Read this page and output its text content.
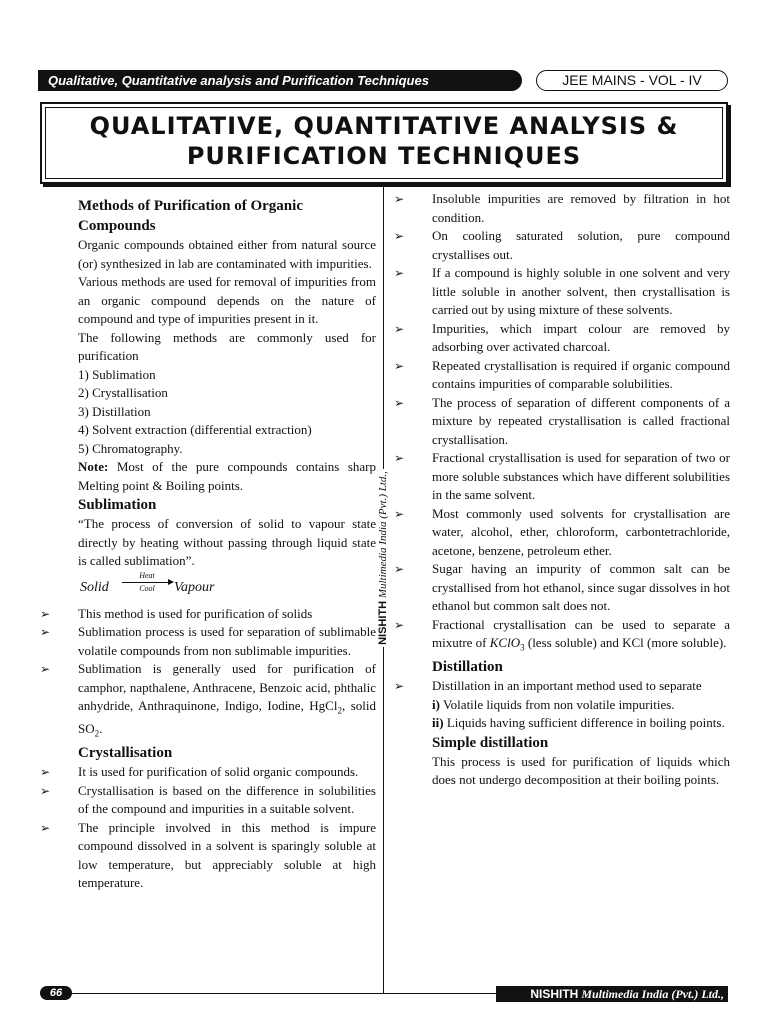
Qualitative, Quantitative analysis and Purification Techniques	JEE MAINS - VOL - IV
QUALITATIVE, QUANTITATIVE ANALYSIS &
PURIFICATION TECHNIQUES
Methods of Purification of Organic Compounds
Organic compounds obtained either from natural source (or) synthesized in lab are contaminated with impurities.
Various methods are used for removal of impurities from an organic compound depends on the nature of compound and type of impurities present in it.
The following methods are commonly used for purification
1) Sublimation
2) Crystallisation
3) Distillation
4) Solvent extraction (differential extraction)
5) Chromatography.
Note: Most of the pure compounds contains sharp Melting point & Boiling points.
Sublimation
“The process of conversion of solid to vapour state directly by heating without passing through liquid state is called sublimation”.
Solid
Heat
Cool	Vapour
➢ This method is used for purification of solids
➢ Sublimation process is used for separation of sublimable volatile compounds from non sublimable impurities.
➢ Sublimation is generally used for purification of camphor, napthalene, Anthracene, Benzoic acid, phthalic anhydride, Anthraquinone, Indigo, Iodine, HgCl$_2$, solid $SO_2$.
Crystallisation
➢ It is used for purification of solid organic compounds.
➢ Crystallisation is based on the difference in solubilities of the compound and impurities in a suitable solvent.
➢ The principle involved in this method is impure compound dissolved in a solvent is sparingly soluble at low temperature, but appreciably soluble at high temperature.
NISHITH Multimedia India (Pvt.) Ltd.,
➢ Insoluble impurities are removed by filtration in hot condition.
➢ On cooling saturated solution, pure compound crystallises out.
➢ If a compound is highly soluble in one solvent and very little soluble in another solvent, then crystallisation is carried out by using mixture of these solvents.
➢ Impurities, which impart colour are removed by adsorbing over activated charcoal.
➢ Repeated crystallisation is required if organic compound contains impurities of comparable solubilities.
➢ The process of separation of different components of a mixture by repeated crystallisation is called fractional crystallisation.
➢ Fractional crystallisation is used for separation of two or more soluble substances which have different solubilities in the same solvent.
➢ Most commonly used solvents for crystallisation are water, alcohol, ether, chloroform, carbontetrachloride, acetone, benzene, petroleum ether.
➢ Sugar having an impurity of common salt can be crystallised from hot ethanol, since sugar dissolves in hot ethanol but common salt does not.
➢ Fractional crystallisation can be used to separate a mixutre of KClO$_3$ (less soluble) and KCl (more soluble).
Distillation
➢ Distillation in an important method used to separate
i) Volatile liquids from non volatile impurities.
ii) Liquids having sufficient difference in boiling points.
Simple distillation
This process is used for purification of liquids which does not undergo decomposition at their boiling points.
66	NISHITH Multimedia India (Pvt.) Ltd.,
